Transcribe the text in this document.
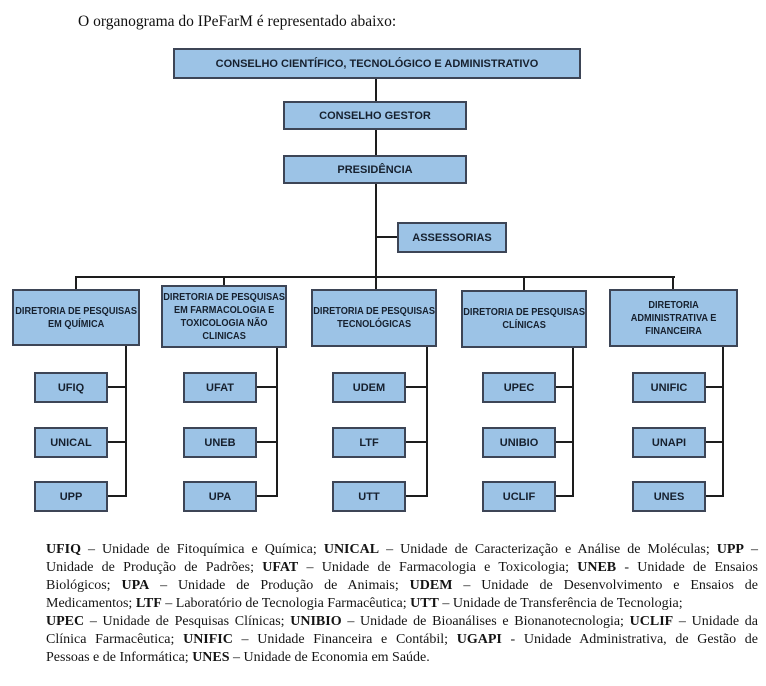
O organograma do IPeFarM é representado abaixo:
CONSELHO CIENTÍFICO, TECNOLÓGICO E ADMINISTRATIVO
CONSELHO GESTOR
PRESIDÊNCIA
ASSESSORIAS
DIRETORIA DE PESQUISAS
EM QUÍMICA
DIRETORIA DE PESQUISAS
EM FARMACOLOGIA E
TOXICOLOGIA NÃO
CLINICAS
DIRETORIA DE PESQUISAS
TECNOLÓGICAS
DIRETORIA DE PESQUISAS
CLÍNICAS
DIRETORIA
ADMINISTRATIVA E
FINANCEIRA
UFIQ
UNICAL
UPP
UFAT
UNEB
UPA
UDEM
LTF
UTT
UPEC
UNIBIO
UCLIF
UNIFIC
UNAPI
UNES
UFIQ – Unidade de Fitoquímica e Química; UNICAL – Unidade de Caracterização e Análise de Moléculas; UPP –
Unidade de Produção de Padrões; UFAT – Unidade de Farmacologia e Toxicologia; UNEB - Unidade de Ensaios
Biológicos; UPA – Unidade de Produção de Animais; UDEM – Unidade de Desenvolvimento e Ensaios de
Medicamentos; LTF – Laboratório de Tecnologia Farmacêutica; UTT – Unidade de Transferência de Tecnologia;
UPEC – Unidade de Pesquisas Clínicas; UNIBIO – Unidade de Bioanálises e Bionanotecnologia; UCLIF – Unidade da
Clínica Farmacêutica; UNIFIC – Unidade Financeira e Contábil; UGAPI - Unidade Administrativa, de Gestão de
Pessoas e de Informática; UNES – Unidade de Economia em Saúde.
